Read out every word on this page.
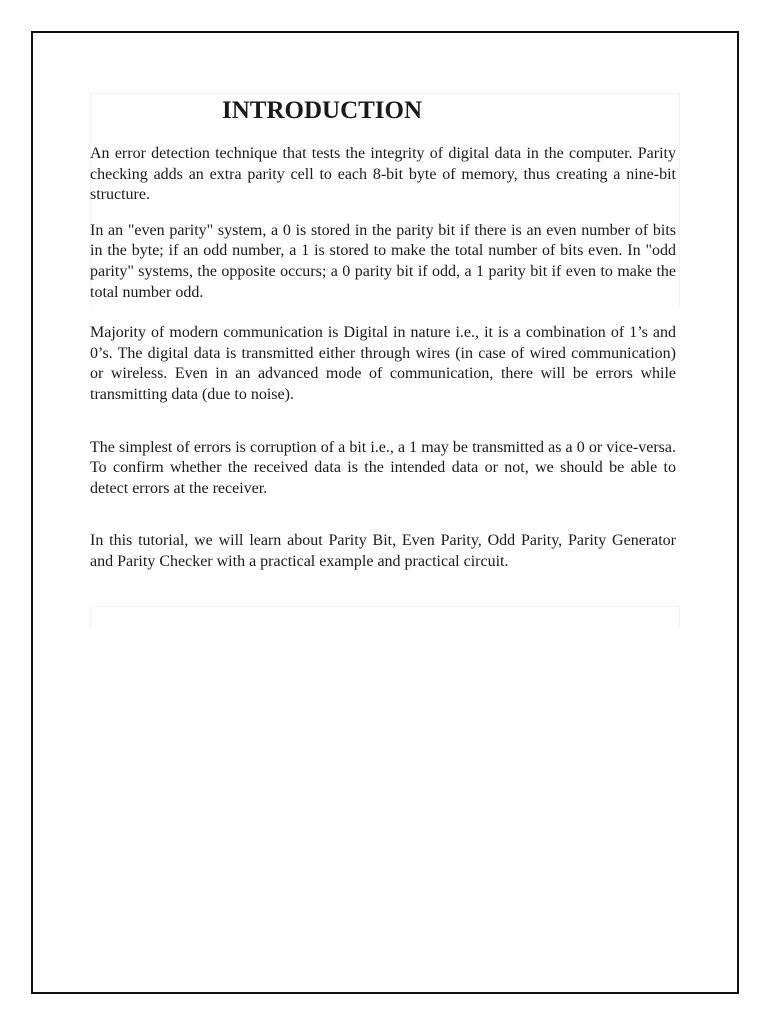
INTRODUCTION

An error detection technique that tests the integrity of digital data in the computer. Parity checking adds an extra parity cell to each 8-bit byte of memory, thus creating a nine-bit structure.

In an "even parity" system, a 0 is stored in the parity bit if there is an even number of bits in the byte; if an odd number, a 1 is stored to make the total number of bits even. In "odd parity" systems, the opposite occurs; a 0 parity bit if odd, a 1 parity bit if even to make the total number odd.

Majority of modern communication is Digital in nature i.e., it is a combination of 1’s and 0’s. The digital data is transmitted either through wires (in case of wired communication) or wireless. Even in an advanced mode of communication, there will be errors while transmitting data (due to noise).

The simplest of errors is corruption of a bit i.e., a 1 may be transmitted as a 0 or vice-versa. To confirm whether the received data is the intended data or not, we should be able to detect errors at the receiver.

In this tutorial, we will learn about Parity Bit, Even Parity, Odd Parity, Parity Generator and Parity Checker with a practical example and practical circuit.
